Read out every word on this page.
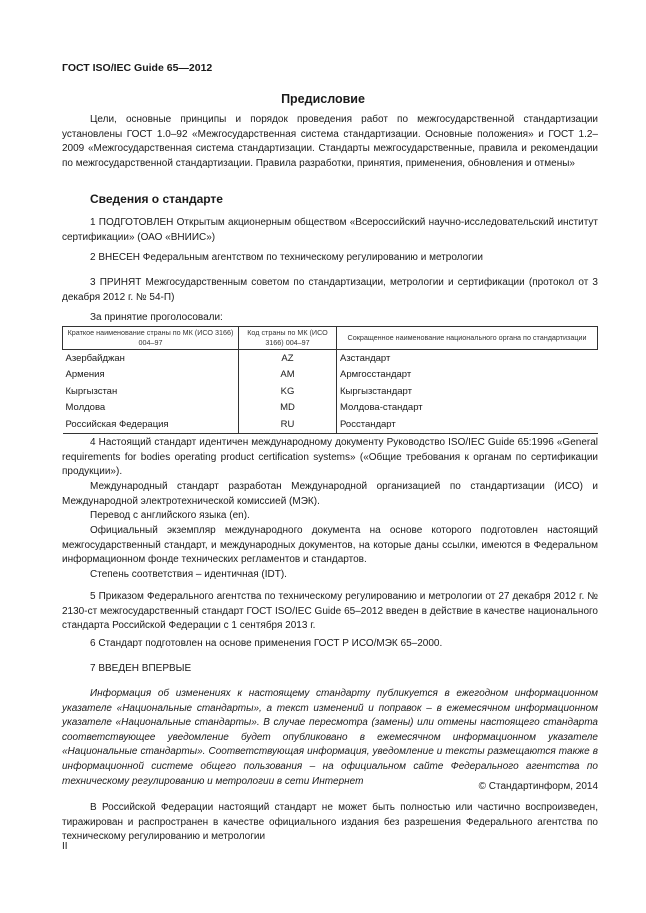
ГОСТ ISO/IEC Guide 65—2012
Предисловие

Цели, основные принципы и порядок проведения работ по межгосударственной стандартизации установлены ГОСТ 1.0–92 «Межгосударственная система стандартизации. Основные положения» и ГОСТ 1.2–2009 «Межгосударственная система стандартизации. Стандарты межгосударственные, правила и рекомендации по межгосударственной стандартизации. Правила разработки, принятия, применения, обновления и отмены»

Сведения о стандарте

1 ПОДГОТОВЛЕН Открытым акционерным обществом «Всероссийский научно-исследовательский институт сертификации» (ОАО «ВНИИС»)

2 ВНЕСЕН Федеральным агентством по техническому регулированию и метрологии

3 ПРИНЯТ Межгосударственным советом по стандартизации, метрологии и сертификации (протокол от 3 декабря 2012 г. № 54-П)

За принятие проголосовали:

Краткое наименование страны по МК (ИСО 3166) 004–97	Код страны по МК (ИСО 3166) 004–97	Сокращенное наименование национального органа по стандартизации
Азербайджан	AZ	Азстандарт
Армения	AM	Армгосстандарт
Кыргызстан	KG	Кыргызстандарт
Молдова	MD	Молдова-стандарт
Российская Федерация	RU	Росстандарт

4 Настоящий стандарт идентичен международному документу Руководство ISO/IEC Guide 65:1996 «General requirements for bodies operating product certification systems» («Общие требования к органам по сертификации продукции»).

Международный стандарт разработан Международной организацией по стандартизации (ИСО) и Международной электротехнической комиссией (МЭК).

Перевод с английского языка (en).

Официальный экземпляр международного документа на основе которого подготовлен настоящий межгосударственный стандарт, и международных документов, на которые даны ссылки, имеются в Федеральном информационном фонде технических регламентов и стандартов.

Степень соответствия – идентичная (IDT).

5 Приказом Федерального агентства по техническому регулированию и метрологии от 27 декабря 2012 г. № 2130-ст межгосударственный стандарт ГОСТ ISO/IEC Guide 65–2012 введен в действие в качестве национального стандарта Российской Федерации с 1 сентября 2013 г.

6 Стандарт подготовлен на основе применения ГОСТ Р ИСО/МЭК 65–2000.

7 ВВЕДЕН ВПЕРВЫЕ

Информация об изменениях к настоящему стандарту публикуется в ежегодном информационном указателе «Национальные стандарты», а текст изменений и поправок – в ежемесячном информационном указателе «Национальные стандарты». В случае пересмотра (замены) или отмены настоящего стандарта соответствующее уведомление будет опубликовано в ежемесячном информационном указателе «Национальные стандарты». Соответствующая информация, уведомление и тексты размещаются также в информационной системе общего пользования – на официальном сайте Федерального агентства по техническому регулированию и метрологии в сети Интернет	© Стандартинформ, 2014

В Российской Федерации настоящий стандарт не может быть полностью или частично воспроизведен, тиражирован и распространен в качестве официального издания без разрешения Федерального агентства по техническому регулированию и метрологии

II
